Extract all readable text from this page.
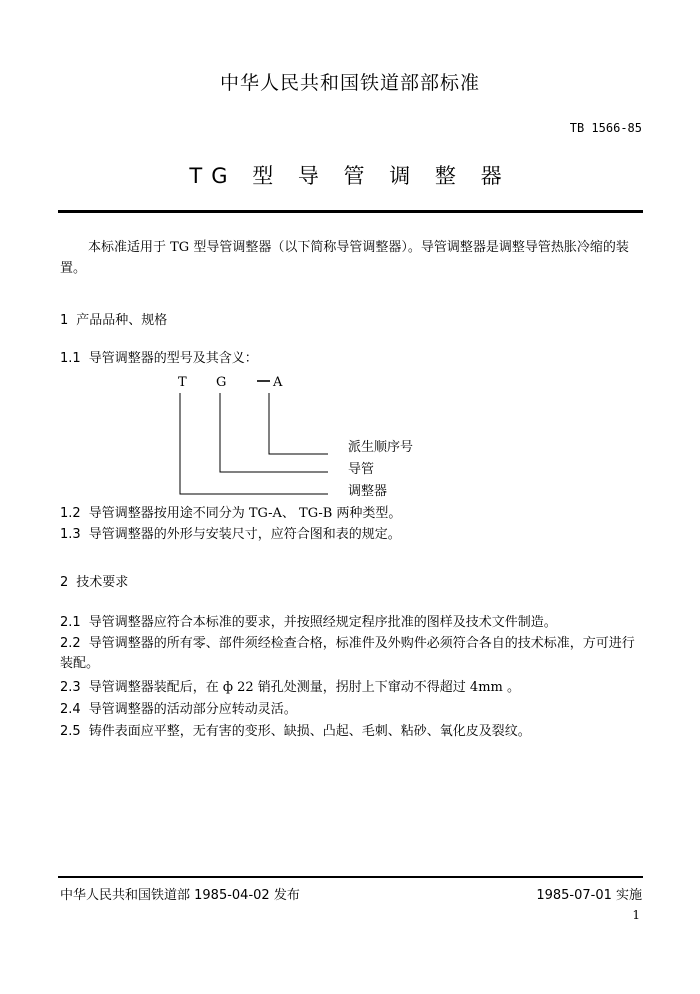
中华人民共和国铁道部部标准
TB 1566-85
TG 型 导 管 调 整 器
本标准适用于 TG 型导管调整器（以下简称导管调整器）。导管调整器是调整导管热胀冷缩的装置。
1 产品品种、规格
1.1 导管调整器的型号及其含义：
T G	A
派生顺序号
导管
调整器
1.2 导管调整器按用途不同分为 TG-A、 TG-B 两种类型。
1.3 导管调整器的外形与安装尺寸，应符合图和表的规定。
2 技术要求
2.1 导管调整器应符合本标准的要求，并按照经规定程序批准的图样及技术文件制造。
2.2 导管调整器的所有零、部件须经检查合格，标准件及外购件必须符合各自的技术标准，方可进行装配。
2.3 导管调整器装配后，在 ф 22 销孔处测量，拐肘上下窜动不得超过 4mm 。
2.4 导管调整器的活动部分应转动灵活。
2.5 铸件表面应平整，无有害的变形、缺损、凸起、毛刺、粘砂、氧化皮及裂纹。
中华人民共和国铁道部 1985-04-02 发布	1985-07-01 实施
1
